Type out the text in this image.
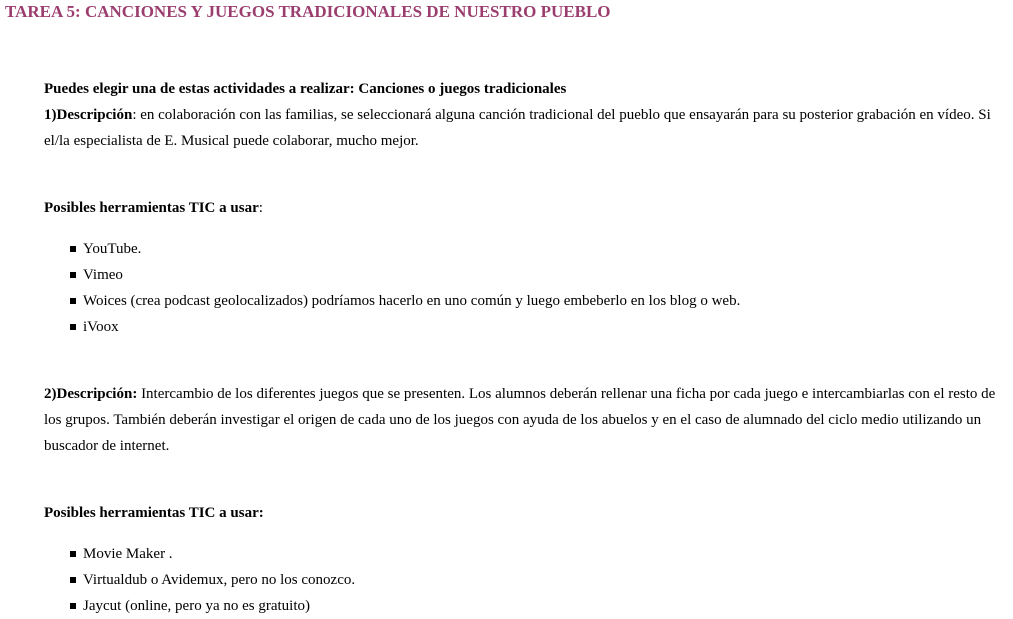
TAREA 5: CANCIONES Y JUEGOS TRADICIONALES DE NUESTRO PUEBLO

Puedes elegir una de estas actividades a realizar: Canciones o juegos tradicionales

1)Descripción: en colaboración con las familias, se seleccionará alguna canción tradicional del pueblo que ensayarán para su posterior grabación en vídeo. Si el/la especialista de E. Musical puede colaborar, mucho mejor.

Posibles herramientas TIC a usar:

YouTube.
Vimeo
Woices (crea podcast geolocalizados) podríamos hacerlo en uno común y luego embeberlo en los blog o web.
iVoox

2)Descripción: Intercambio de los diferentes juegos que se presenten. Los alumnos deberán rellenar una ficha por cada juego e intercambiarlas con el resto de los grupos. También deberán investigar el origen de cada uno de los juegos con ayuda de los abuelos y en el caso de alumnado del ciclo medio utilizando un buscador de internet.

Posibles herramientas TIC a usar:

Movie Maker .
Virtualdub o Avidemux, pero no los conozco.
Jaycut (online, pero ya no es gratuito)
